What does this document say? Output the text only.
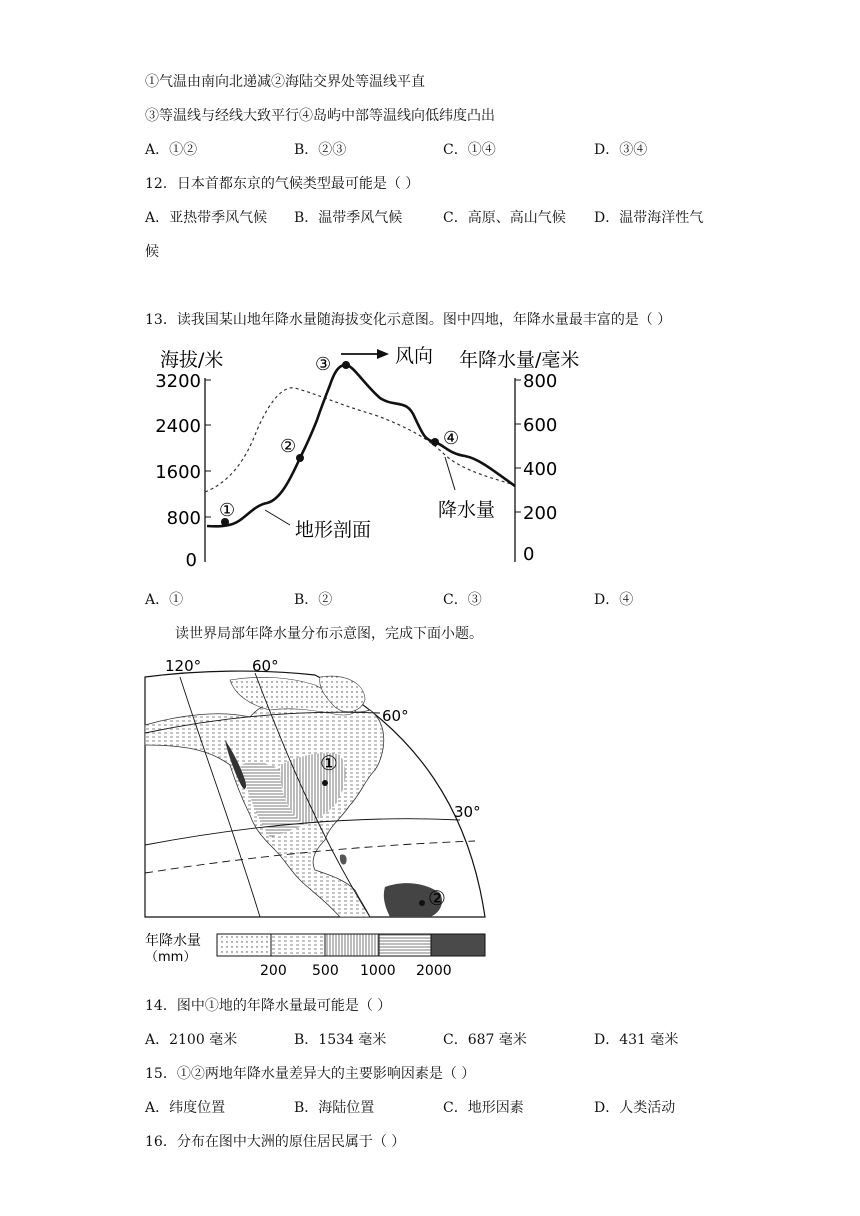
①气温由南向北递减②海陆交界处等温线平直
③等温线与经线大致平行④岛屿中部等温线向低纬度凸出
A．①②	B．②③	C．①④	D．③④
12．日本首都东京的气候类型最可能是（ ）
A．亚热带季风气候 B．温带季风气候	C．高原、高山气候 D．温带海洋性气
候
13．读我国某山地年降水量随海拔变化示意图。图中四地，年降水量最丰富的是（ ）
海拔/米	年降水量/毫米
风向
3200
2400
1600
800
0
800
600
400
200
0
①
②
③
④
地形剖面
降水量
A．①	B．②	C．③	D．④
读世界局部年降水量分布示意图，完成下面小题。
120°	60°
60°
30°
①
②
年降水量
（mm）
200 500 1000 2000
14．图中①地的年降水量最可能是（ ）
A．2100 毫米	B．1534 毫米	C．687 毫米	D．431 毫米
15．①②两地年降水量差异大的主要影响因素是（ ）
A．纬度位置	B．海陆位置	C．地形因素	D．人类活动
16．分布在图中大洲的原住居民属于（ ）
